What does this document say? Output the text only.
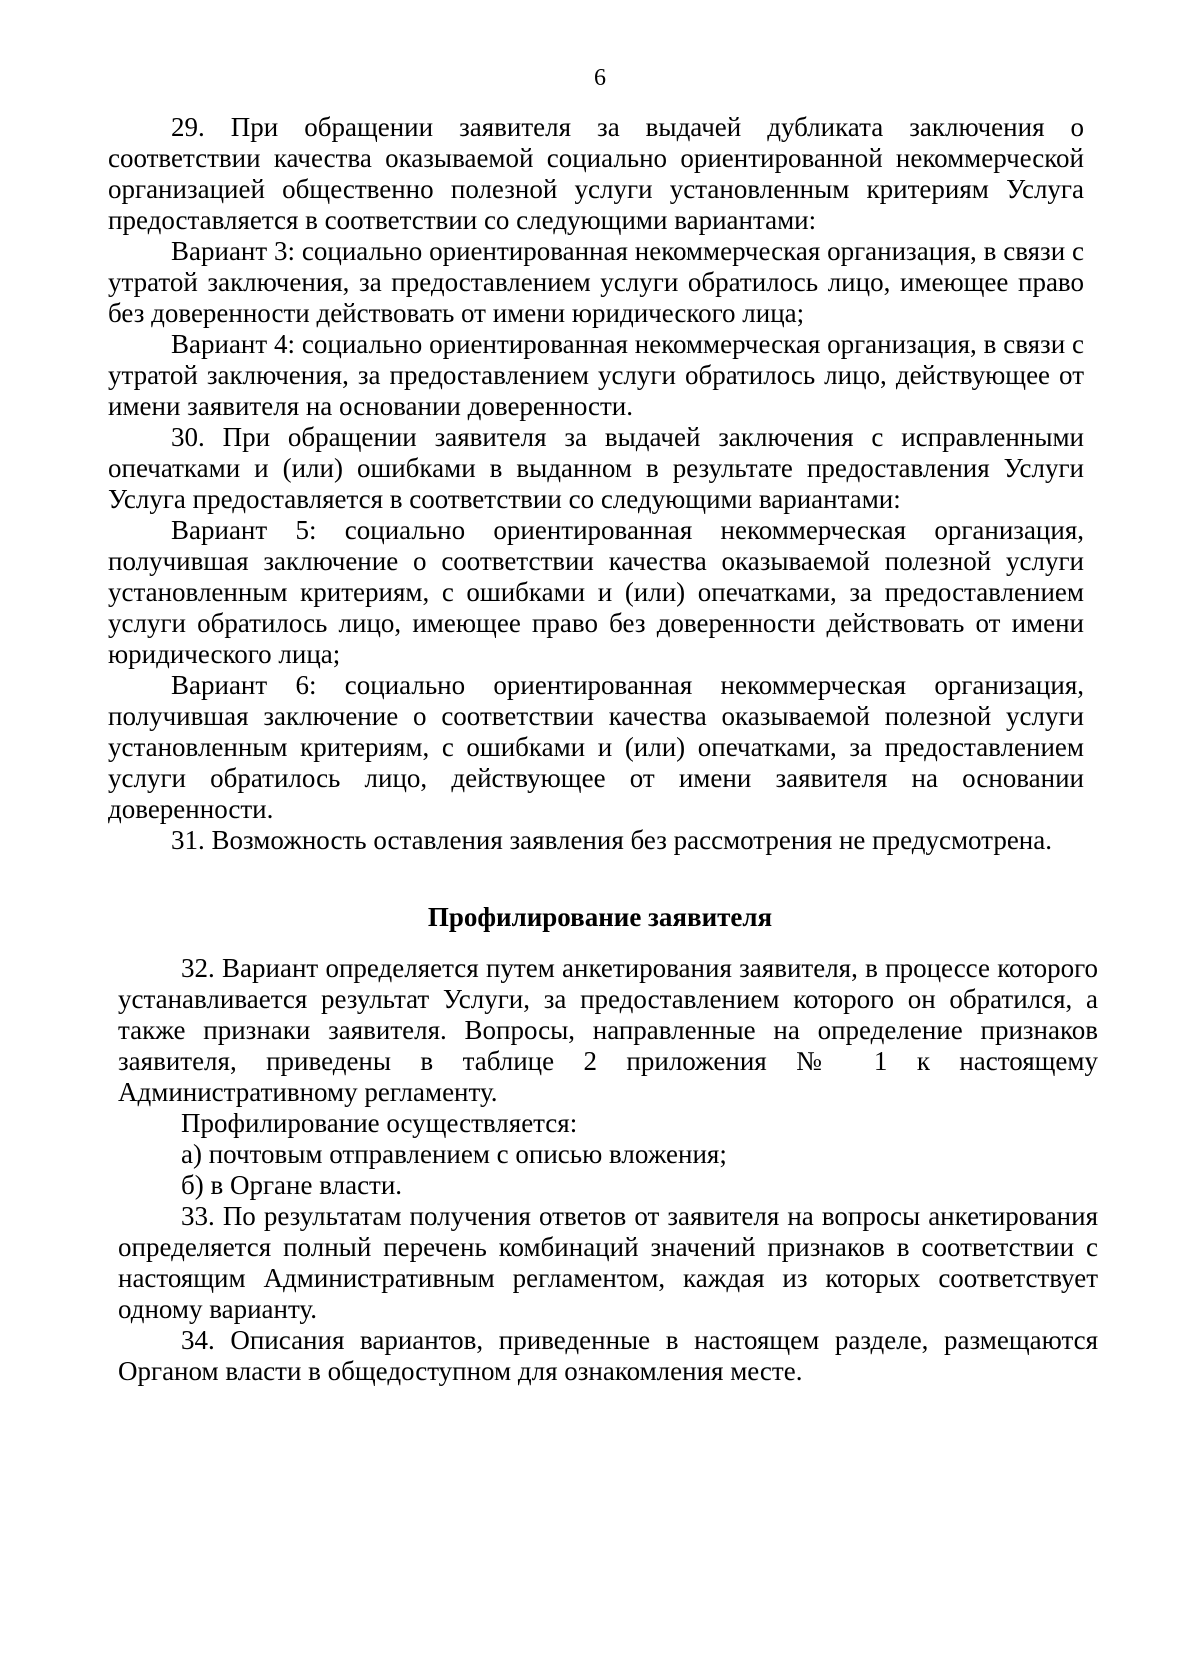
6

29. При обращении заявителя за выдачей дубликата заключения о соответствии качества оказываемой социально ориентированной некоммерческой организацией общественно полезной услуги установленным критериям Услуга предоставляется в соответствии со следующими вариантами:

Вариант 3: социально ориентированная некоммерческая организация, в связи с утратой заключения, за предоставлением услуги обратилось лицо, имеющее право без доверенности действовать от имени юридического лица;

Вариант 4: социально ориентированная некоммерческая организация, в связи с утратой заключения, за предоставлением услуги обратилось лицо, действующее от имени заявителя на основании доверенности.

30. При обращении заявителя за выдачей заключения с исправленными опечатками и (или) ошибками в выданном в результате предоставления Услуги Услуга предоставляется в соответствии со следующими вариантами:

Вариант 5: социально ориентированная некоммерческая организация, получившая заключение о соответствии качества оказываемой полезной услуги установленным критериям, с ошибками и (или) опечатками, за предоставлением услуги обратилось лицо, имеющее право без доверенности действовать от имени юридического лица;

Вариант 6: социально ориентированная некоммерческая организация, получившая заключение о соответствии качества оказываемой полезной услуги установленным критериям, с ошибками и (или) опечатками, за предоставлением услуги обратилось лицо, действующее от имени заявителя на основании доверенности.

31. Возможность оставления заявления без рассмотрения не предусмотрена.

Профилирование заявителя

32. Вариант определяется путем анкетирования заявителя, в процессе которого устанавливается результат Услуги, за предоставлением которого он обратился, а также признаки заявителя. Вопросы, направленные на определение признаков заявителя, приведены в таблице 2 приложения № 1 к настоящему Административному регламенту.

Профилирование осуществляется:

а) почтовым отправлением с описью вложения;

б) в Органе власти.

33. По результатам получения ответов от заявителя на вопросы анкетирования определяется полный перечень комбинаций значений признаков в соответствии с настоящим Административным регламентом, каждая из которых соответствует одному варианту.

34. Описания вариантов, приведенные в настоящем разделе, размещаются Органом власти в общедоступном для ознакомления месте.
